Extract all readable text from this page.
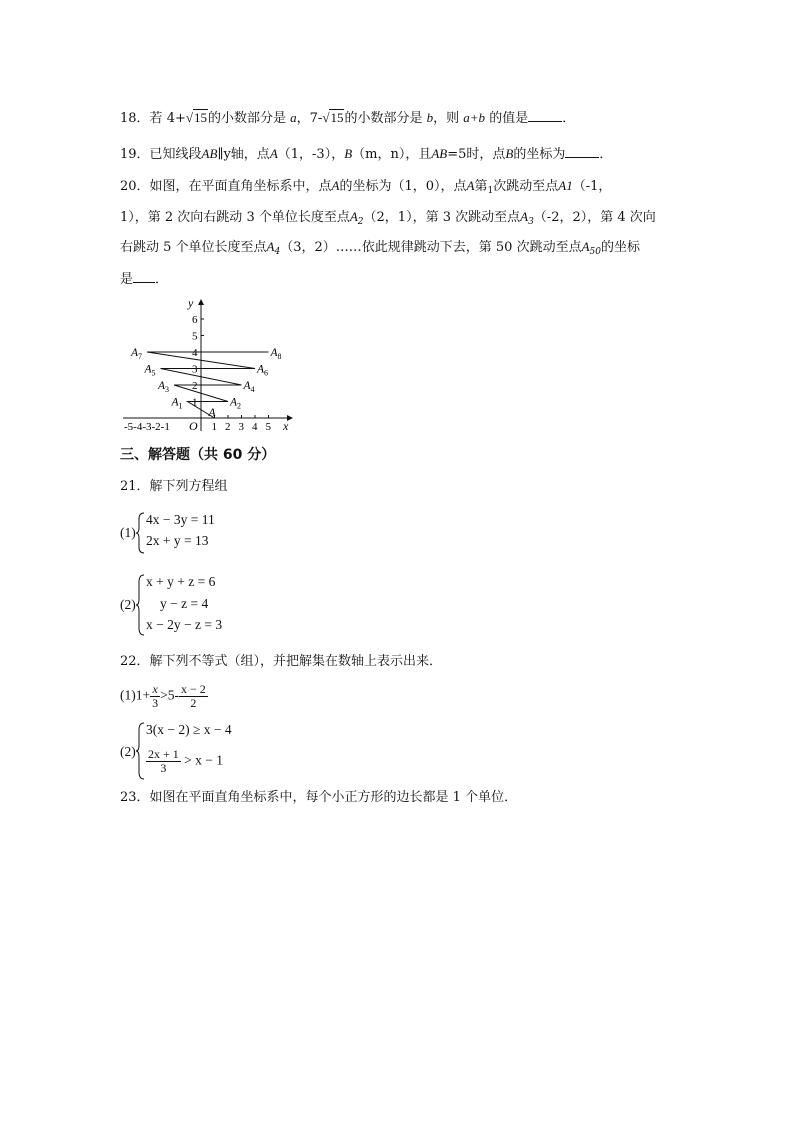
18．若 4+√15的小数部分是 a，7-√15的小数部分是 b，则 a+b 的值是	．
19．已知线段AB∥y轴，点A（1，-3），B（m，n），且AB=5时，点B的坐标为	．
20．如图，在平面直角坐标系中，点A的坐标为（1，0），点A第$_1$次跳动至点A1（-1，
1），第 2 次向右跳动 3 个单位长度至点$A_2(2$，1），第 3 次跳动至点$A_3(-2$，2），第 4 次向
右跳动 5 个单位长度至点$A_4(3$，2）……依此规律跳动下去，第 50 次跳动至点$A_{50}$的坐标
是 ．
y
x
O
1
2
3
4
5
6
-5-4-3-2-1	1 2 3 4 5
A
$A_1$	$A_2$
$A_3$	$A_4$
$A_5$	$A_6$
$A_7$	$A_8$
三、解答题（共 60 分）
21．解下列方程组
(1)
4x − 3y = 11
2x + y = 13
(2)
x + y + z = 6
y − z = 4
x − 2y − z = 3
22．解下列不等式（组），并把解集在数轴上表示出来．
$(1)1+ \frac{x}{3} >5- \frac{x - 2}{2}$
(2)
3(x − 2) ≥ x − 4
$\frac{2x + 1}{3} > x - 1$
23．如图在平面直角坐标系中，每个小正方形的边长都是 1 个单位．
